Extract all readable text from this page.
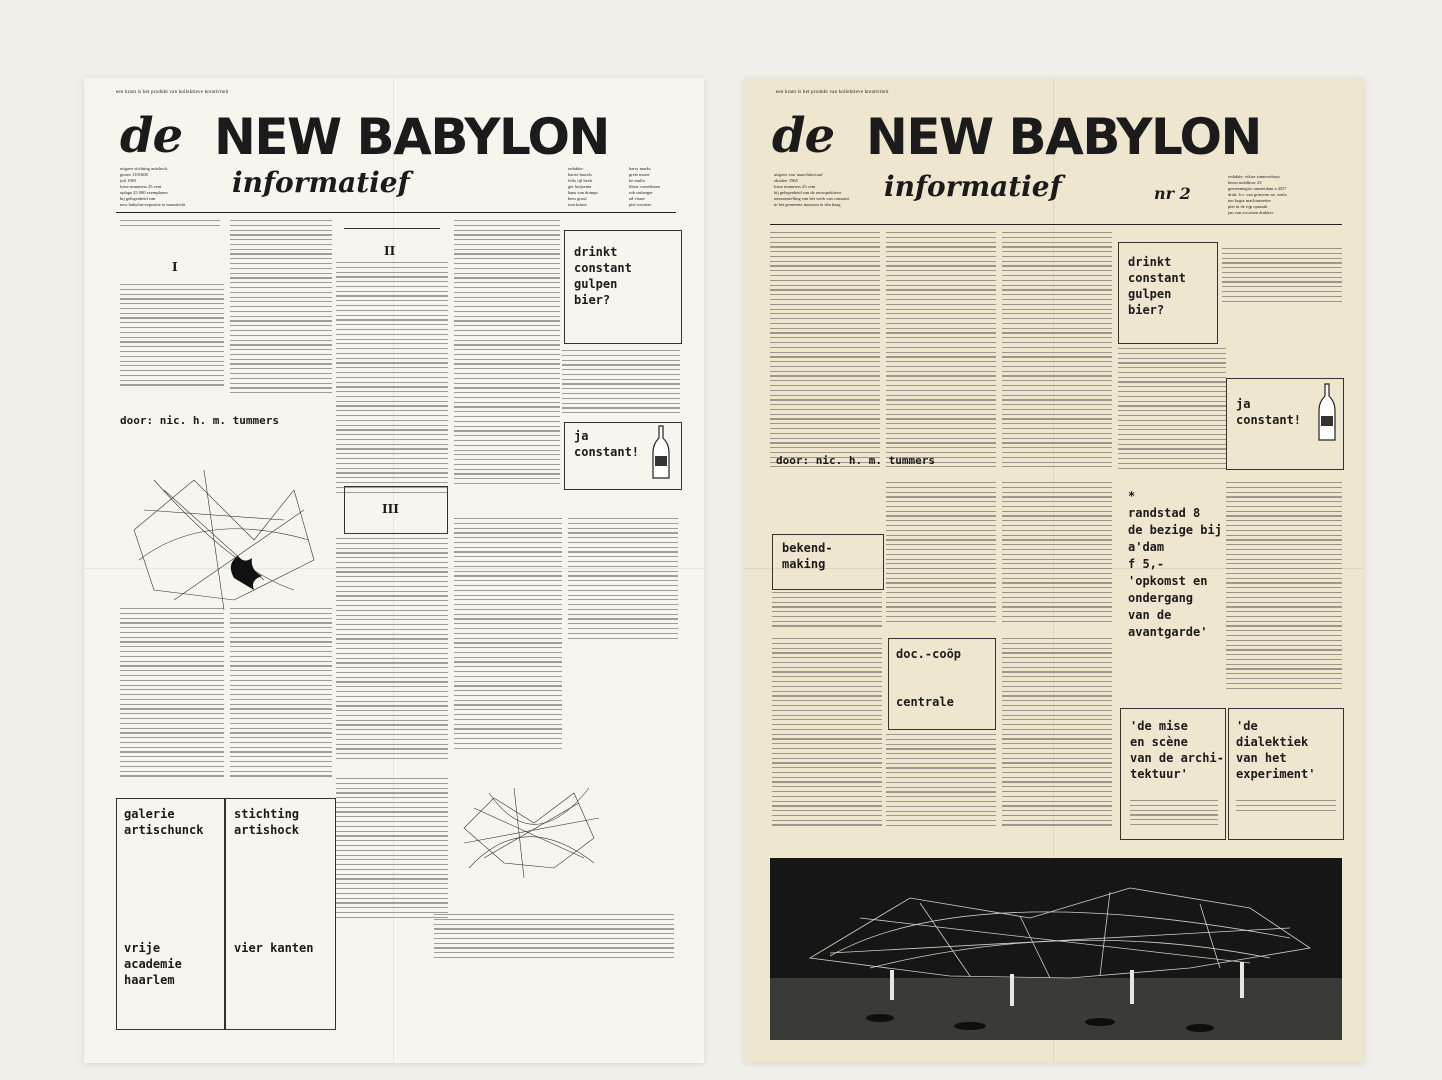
een krant is het produkt van kollektieve kreativiteit
de NEW BABYLON
informatief
uitgave stichting artishock
gironr 1101608
juli 1965
losse nummers 25 cent
oplage 25 000 exemplaren
bij gelegenheid van
new babylon-expositie te maastricht
redaktie:
harrie barrels
felix tijl beek
ger hoijsema
hans van drampt
kees groul
tom krinia
barry marks
grete moret
he mulla
libert cornelissen
rob stuberger
ad visser
piet wouters
I
door: nic. h. m. tummers
II	drinkt
constant
gulpen
bier?
ja
constant!
III
galerie
artischunck
stichting
artishock
vrije
academie
haarlem
vier kanten
een krant is het produkt van kollektieve kreativiteit
de NEW BABYLON
informatief	nr 2
uitgave van 'anarchitectura'
oktober 1965
losse nummers 25 cent
bij gelegenheid van de retrospektieve
tentoonstelling van het werk van constant
in het gemeente museum te den haag
redaktie: viktor sinnewehoys
beuzi mdolkuw 23
gemeentegiro amsterdam a 4557
druk: b.v. van grinsven nv, venlo
ten bogie machinezetter
piet in de rijp opmaak
jan van zwoosen drukker
drinkt
constant
gulpen
bier?
ja
constant!
door: nic. h. m. tummers
bekend-
making
doc.-coöp
centrale
*
randstad 8
de bezige bij
a'dam
f 5,-
'opkomst en
ondergang
van de
avantgarde'
'de mise
en scène
van de archi-
tektuur'
'de
dialektiek
van het
experiment'
